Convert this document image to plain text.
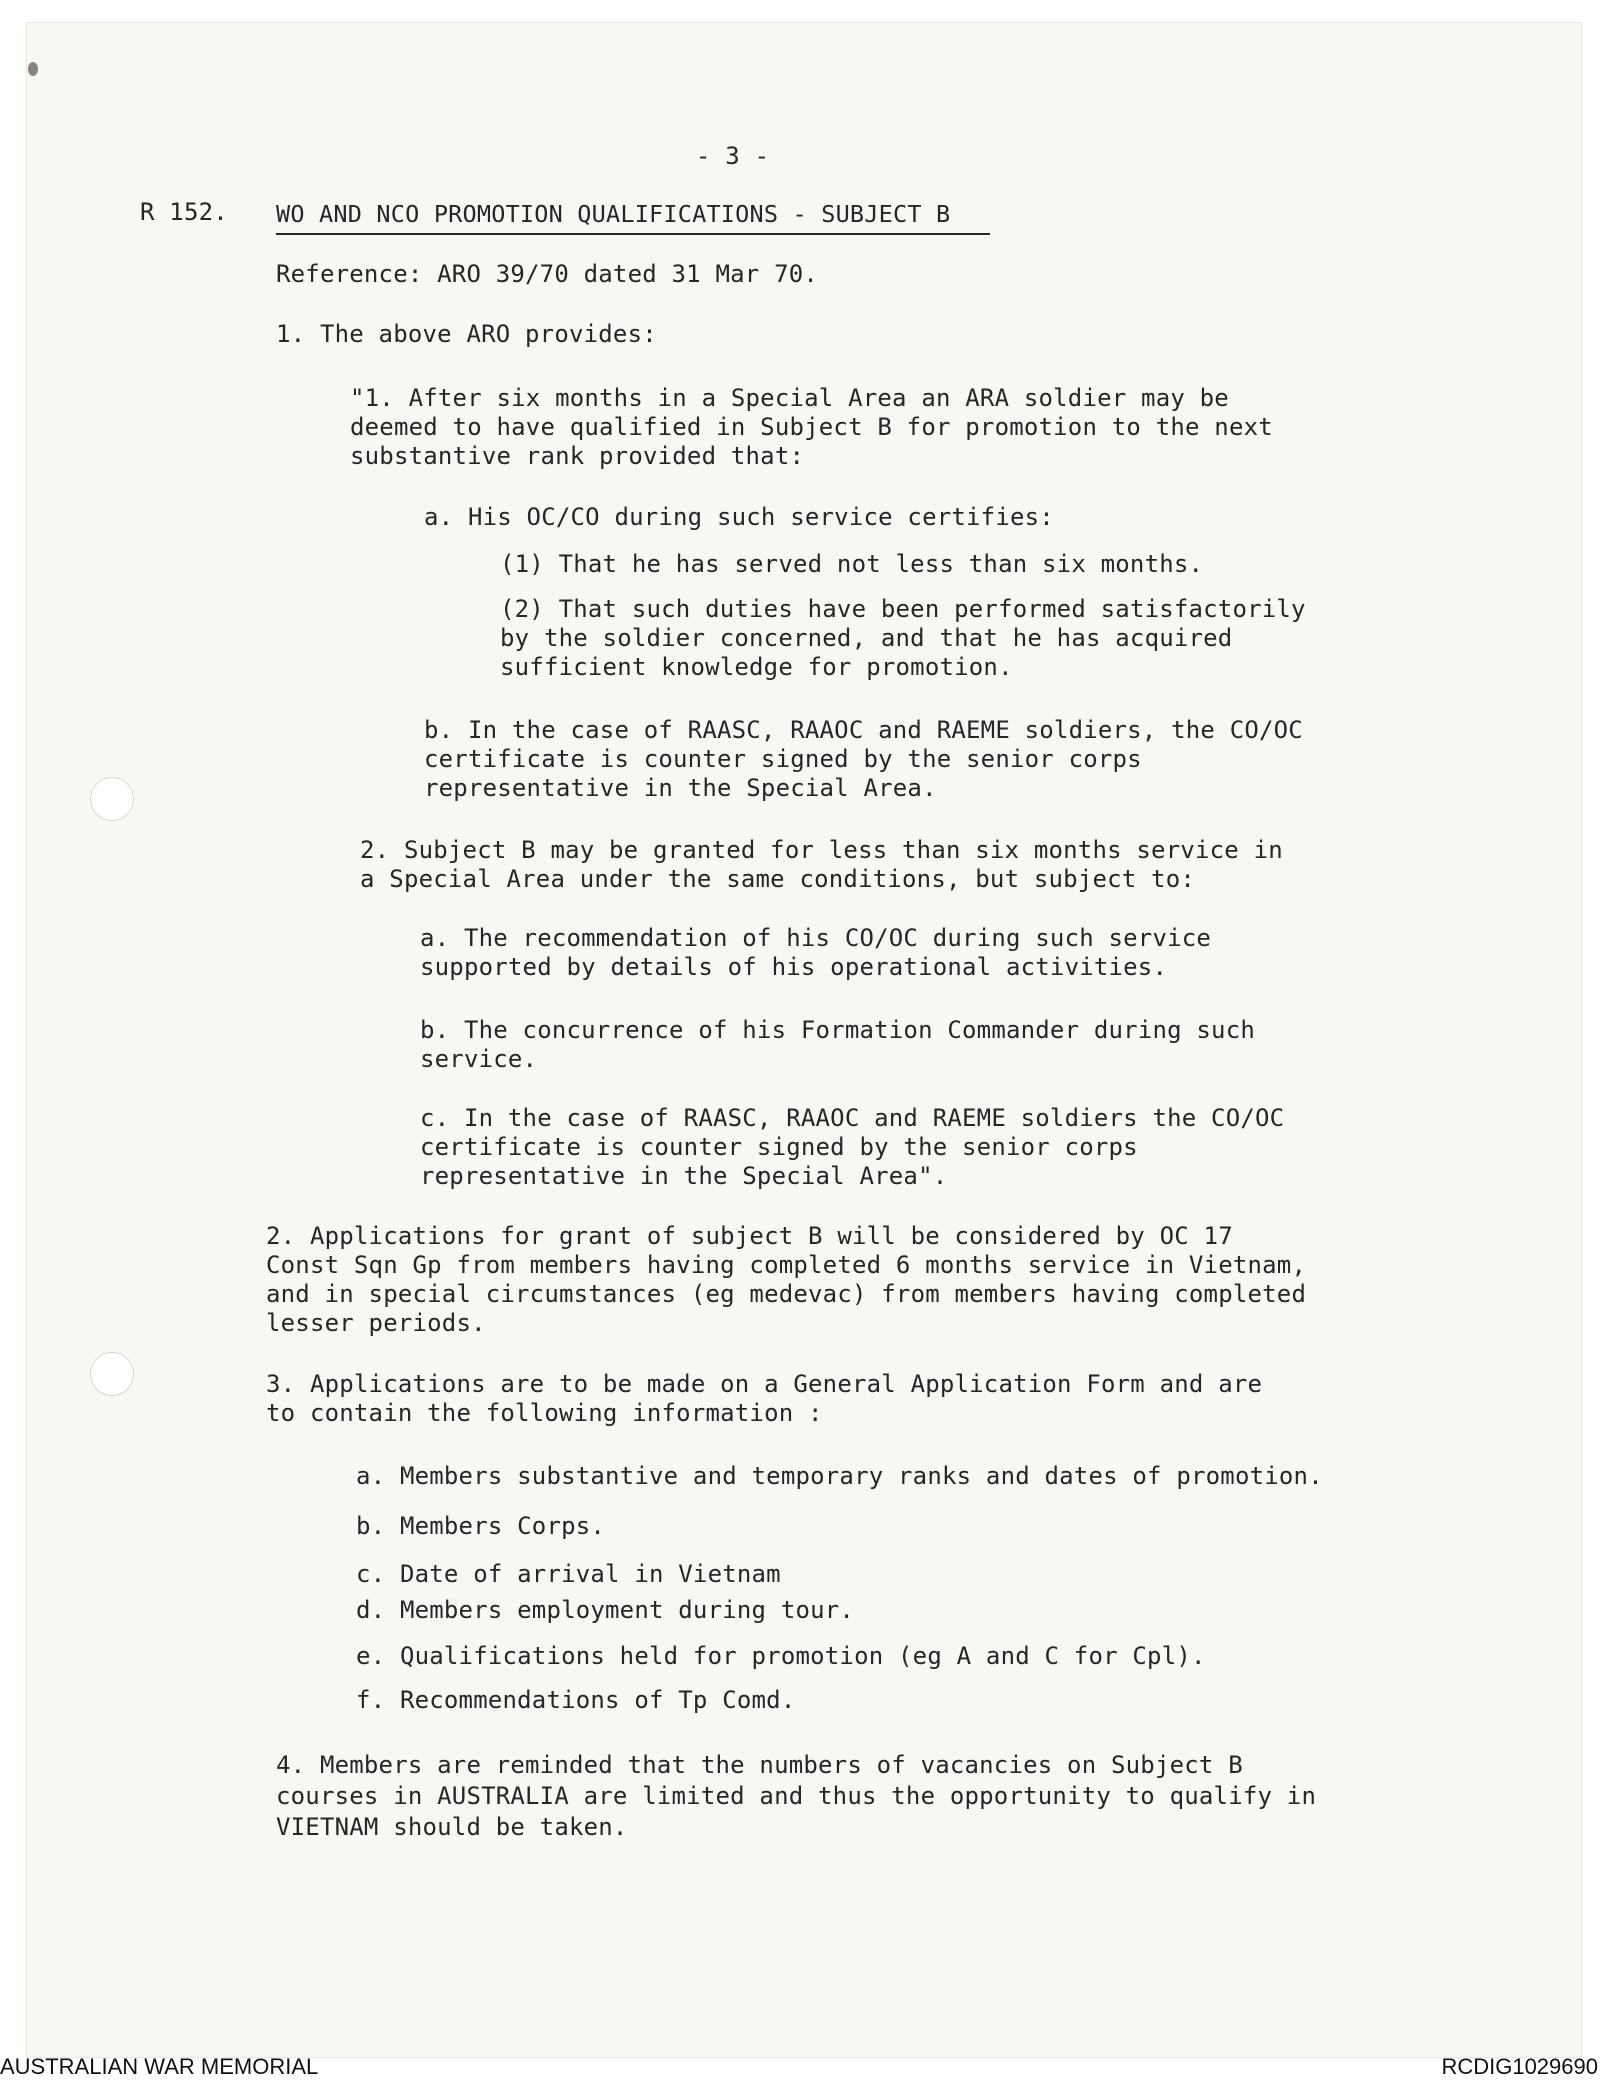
- 3 -
R 152. WO AND NCO PROMOTION QUALIFICATIONS - SUBJECT B
Reference: ARO 39/70 dated 31 Mar 70.
1. The above ARO provides:
"1. After six months in a Special Area an ARA soldier may be
deemed to have qualified in Subject B for promotion to the next
substantive rank provided that:
a. His OC/CO during such service certifies:
(1) That he has served not less than six months.
(2) That such duties have been performed satisfactorily
by the soldier concerned, and that he has acquired
sufficient knowledge for promotion.
b. In the case of RAASC, RAAOC and RAEME soldiers, the CO/OC
certificate is counter signed by the senior corps
representative in the Special Area.
2. Subject B may be granted for less than six months service in
a Special Area under the same conditions, but subject to:
a. The recommendation of his CO/OC during such service
supported by details of his operational activities.
b. The concurrence of his Formation Commander during such
service.
c. In the case of RAASC, RAAOC and RAEME soldiers the CO/OC
certificate is counter signed by the senior corps
representative in the Special Area".
2. Applications for grant of subject B will be considered by OC 17
Const Sqn Gp from members having completed 6 months service in Vietnam,
and in special circumstances (eg medevac) from members having completed
lesser periods.
3. Applications are to be made on a General Application Form and are
to contain the following information :
a. Members substantive and temporary ranks and dates of promotion.
b. Members Corps.
c. Date of arrival in Vietnam
d. Members employment during tour.
e. Qualifications held for promotion (eg A and C for Cpl).
f. Recommendations of Tp Comd.
4. Members are reminded that the numbers of vacancies on Subject B
courses in AUSTRALIA are limited and thus the opportunity to qualify in
VIETNAM should be taken.
AUSTRALIAN WAR MEMORIAL	RCDIG1029690
